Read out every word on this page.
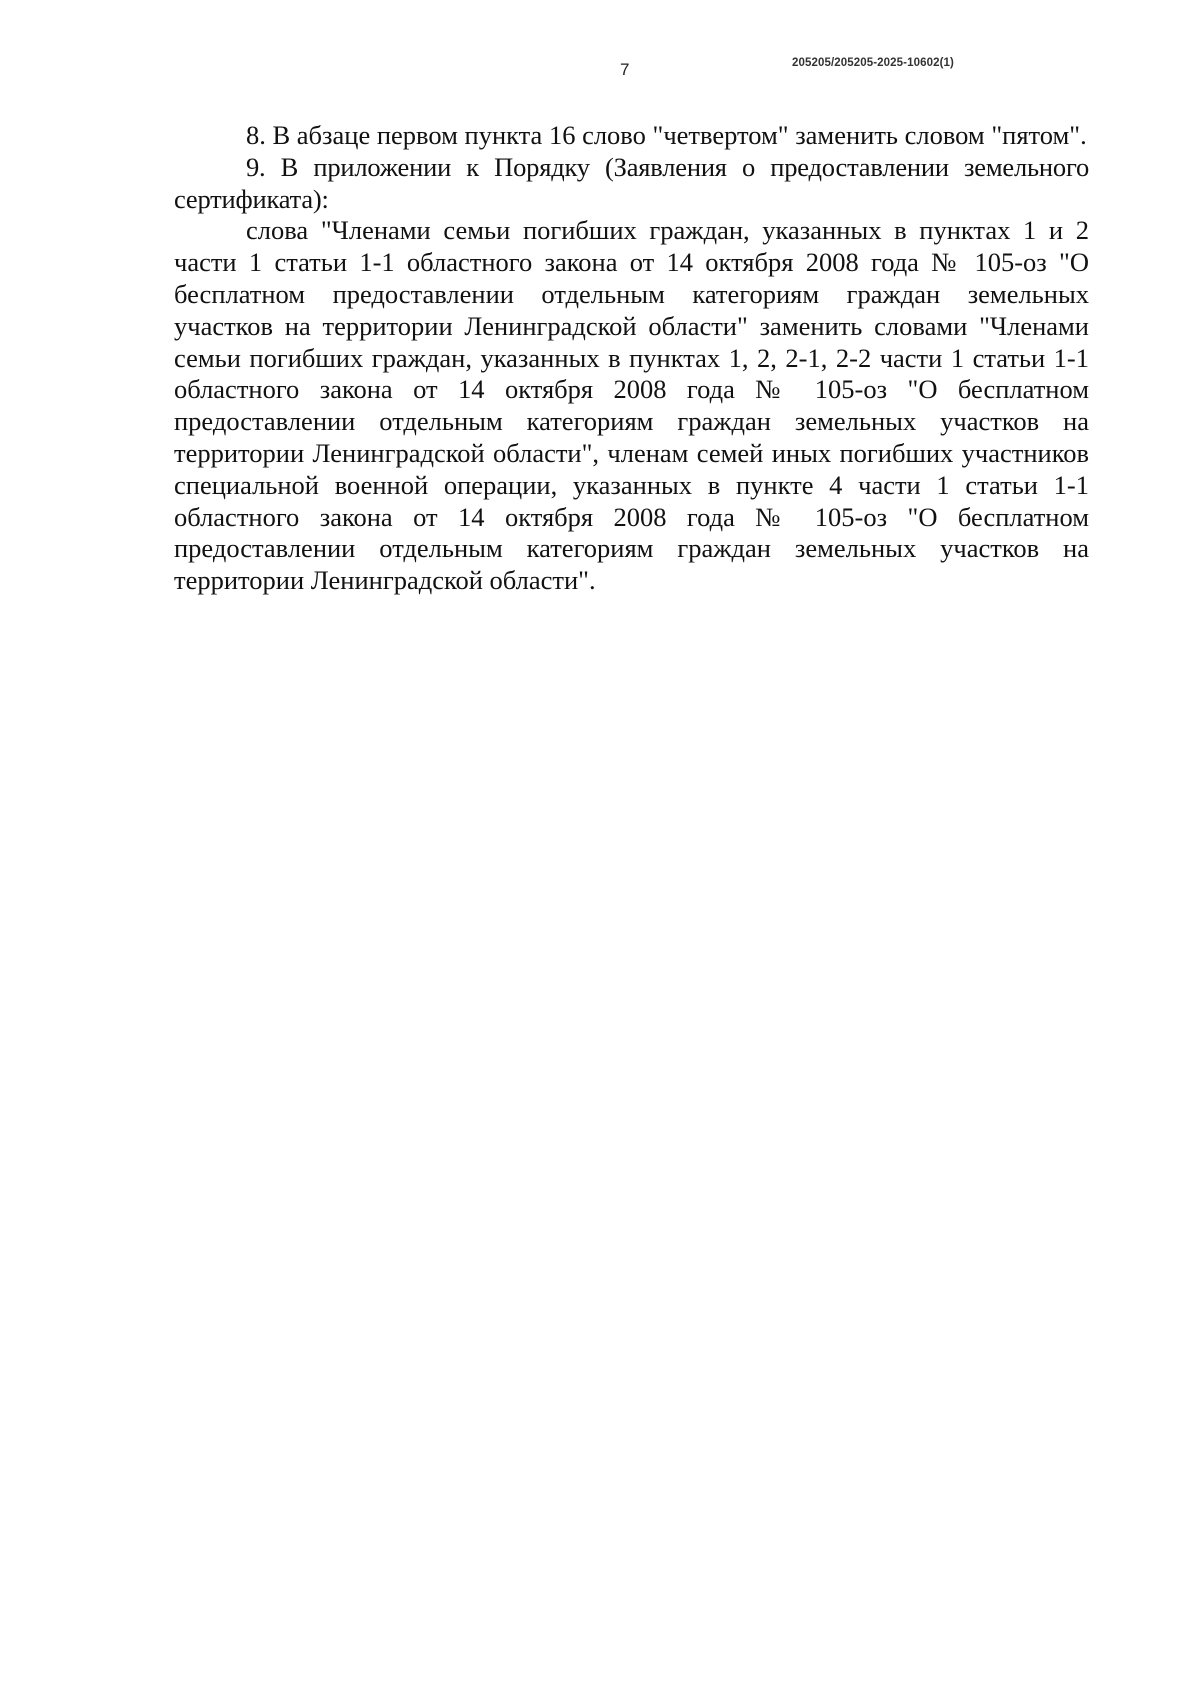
7	205205/205205-2025-10602(1)

8. В абзаце первом пункта 16 слово "четвертом" заменить словом "пятом".

9. В приложении к Порядку (Заявления о предоставлении земельного сертификата):

слова "Членами семьи погибших граждан, указанных в пунктах 1 и 2 части 1 статьи 1-1 областного закона от 14 октября 2008 года № 105-оз "О бесплатном предоставлении отдельным категориям граждан земельных участков на территории Ленинградской области" заменить словами "Членами семьи погибших граждан, указанных в пунктах 1, 2, 2-1, 2-2 части 1 статьи 1-1 областного закона от 14 октября 2008 года № 105-оз "О бесплатном предоставлении отдельным категориям граждан земельных участков на территории Ленинградской области", членам семей иных погибших участников специальной военной операции, указанных в пункте 4 части 1 статьи 1-1 областного закона от 14 октября 2008 года № 105-оз "О бесплатном предоставлении отдельным категориям граждан земельных участков на территории Ленинградской области".
